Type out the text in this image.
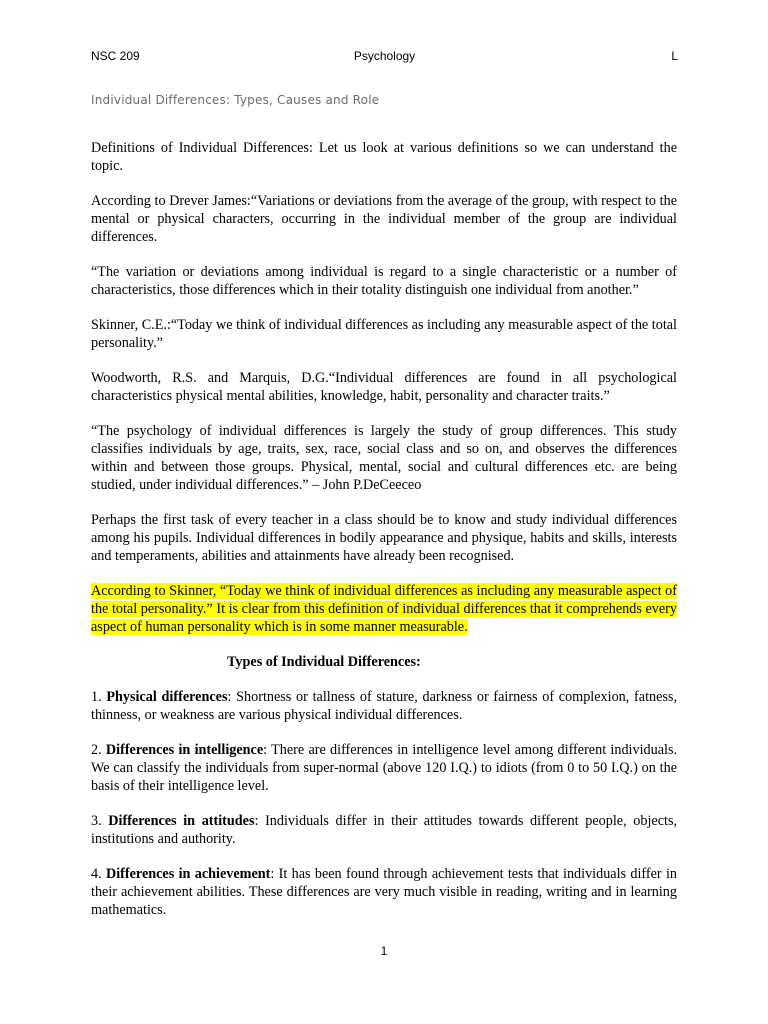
NSC 209	Psychology	L
Individual Differences: Types, Causes and Role

Definitions of Individual Differences: Let us look at various definitions so we can understand the topic.

According to Drever James:“Variations or deviations from the average of the group, with respect to the mental or physical characters, occurring in the individual member of the group are individual differences.

“The variation or deviations among individual is regard to a single characteristic or a number of characteristics, those differences which in their totality distinguish one individual from another.”

Skinner, C.E.:“Today we think of individual differences as including any measurable aspect of the total personality.”

Woodworth, R.S. and Marquis, D.G.“Individual differences are found in all psychological characteristics physical mental abilities, knowledge, habit, personality and character traits.”

“The psychology of individual differences is largely the study of group differences. This study classifies individuals by age, traits, sex, race, social class and so on, and observes the differences within and between those groups. Physical, mental, social and cultural differences etc. are being studied, under individual differences.” – John P.DeCeeceo

Perhaps the first task of every teacher in a class should be to know and study individual differences among his pupils. Individual differences in bodily appearance and physique, habits and skills, interests and temperaments, abilities and attainments have already been recognised.

According to Skinner, “Today we think of individual differences as including any measurable aspect of the total personality.” It is clear from this definition of individual differences that it comprehends every aspect of human personality which is in some manner measurable.

Types of Individual Differences:

1. Physical differences: Shortness or tallness of stature, darkness or fairness of complexion, fatness, thinness, or weakness are various physical individual differences.

2. Differences in intelligence: There are differences in intelligence level among different individuals. We can classify the individuals from super-normal (above 120 I.Q.) to idiots (from 0 to 50 I.Q.) on the basis of their intelligence level.

3. Differences in attitudes: Individuals differ in their attitudes towards different people, objects, institutions and authority.

4. Differences in achievement: It has been found through achievement tests that individuals differ in their achievement abilities. These differences are very much visible in reading, writing and in learning mathematics.

1
